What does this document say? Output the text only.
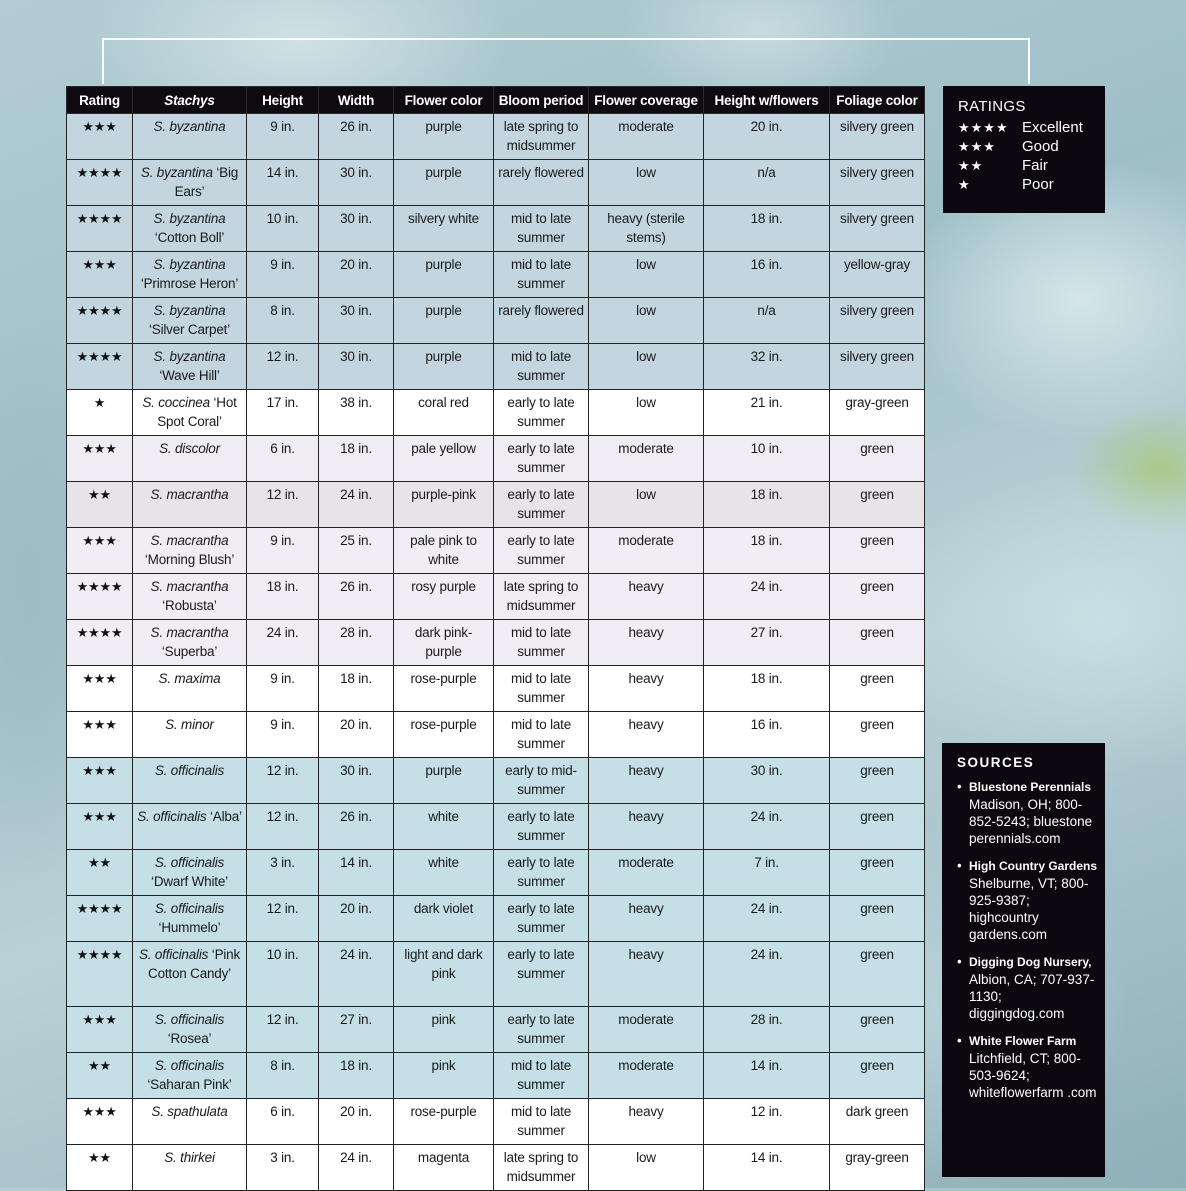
Rating	Stachys	Height	Width	Flower color	Bloom period	Flower coverage	Height w/flowers	Foliage color
★★★	S. byzantina	9 in.	26 in.	purple	late spring to midsummer	moderate	20 in.	silvery green
★★★★	S. byzantina ‘Big Ears’	14 in.	30 in.	purple	rarely flowered	low	n/a	silvery green
★★★★	S. byzantina ‘Cotton Boll’	10 in.	30 in.	silvery white	mid to late summer	heavy (sterile stems)	18 in.	silvery green
★★★	S. byzantina ‘Primrose Heron’	9 in.	20 in.	purple	mid to late summer	low	16 in.	yellow-gray
★★★★	S. byzantina ‘Silver Carpet’	8 in.	30 in.	purple	rarely flowered	low	n/a	silvery green
★★★★	S. byzantina ‘Wave Hill’	12 in.	30 in.	purple	mid to late summer	low	32 in.	silvery green
★	S. coccinea ‘Hot Spot Coral’	17 in.	38 in.	coral red	early to late summer	low	21 in.	gray-green
★★★	S. discolor	6 in.	18 in.	pale yellow	early to late summer	moderate	10 in.	green
★★	S. macrantha	12 in.	24 in.	purple-pink	early to late summer	low	18 in.	green
★★★	S. macrantha ‘Morning Blush’	9 in.	25 in.	pale pink to white	early to late summer	moderate	18 in.	green
★★★★	S. macrantha ‘Robusta’	18 in.	26 in.	rosy purple	late spring to midsummer	heavy	24 in.	green
★★★★	S. macrantha ‘Superba’	24 in.	28 in.	dark pink-purple	mid to late summer	heavy	27 in.	green
★★★	S. maxima	9 in.	18 in.	rose-purple	mid to late summer	heavy	18 in.	green
★★★	S. minor	9 in.	20 in.	rose-purple	mid to late summer	heavy	16 in.	green
★★★	S. officinalis	12 in.	30 in.	purple	early to mid-summer	heavy	30 in.	green
★★★	S. officinalis ‘Alba’	12 in.	26 in.	white	early to late summer	heavy	24 in.	green
★★	S. officinalis ‘Dwarf White’	3 in.	14 in.	white	early to late summer	moderate	7 in.	green
★★★★	S. officinalis ‘Hummelo’	12 in.	20 in.	dark violet	early to late summer	heavy	24 in.	green
★★★★	S. officinalis ‘Pink Cotton Candy’	10 in.	24 in.	light and dark pink	early to late summer	heavy	24 in.	green
★★★	S. officinalis ‘Rosea’	12 in.	27 in.	pink	early to late summer	moderate	28 in.	green
★★	S. officinalis ‘Saharan Pink’	8 in.	18 in.	pink	mid to late summer	moderate	14 in.	green
★★★	S. spathulata	6 in.	20 in.	rose-purple	mid to late summer	heavy	12 in.	dark green
★★	S. thirkei	3 in.	24 in.	magenta	late spring to midsummer	low	14 in.	gray-green
RATINGS
★★★★ Excellent
★★★	Good
★★	Fair
★	Poor
SOURCES
• Bluestone Perennials Madison, OH; 800-852-5243; bluestone perennials.com
• High Country Gardens Shelburne, VT; 800-925-9387; highcountry gardens.com
• Digging Dog Nursery, Albion, CA; 707-937-1130; diggingdog.com
• White Flower Farm Litchfield, CT; 800-503-9624; whiteflowerfarm .com
